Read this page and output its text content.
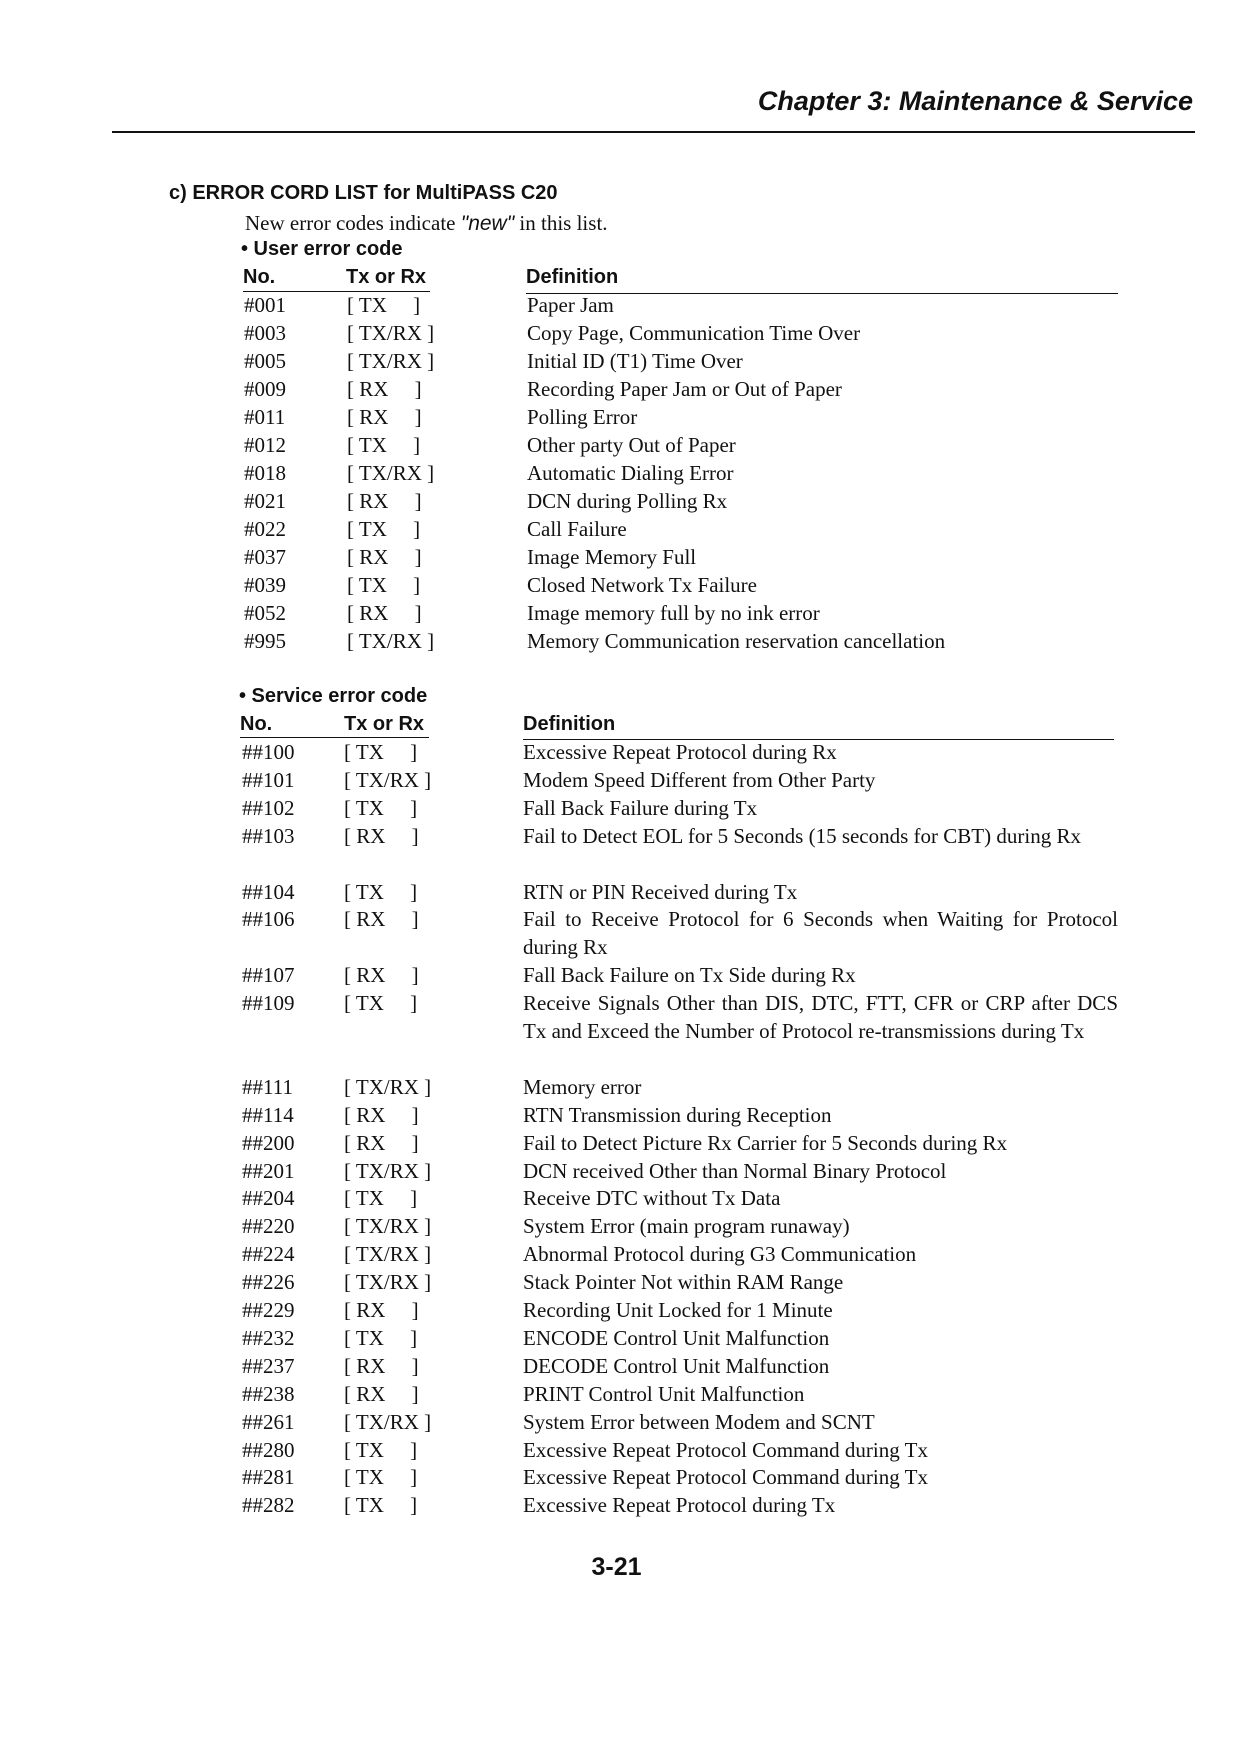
Chapter 3: Maintenance & Service
c) ERROR CORD LIST for MultiPASS C20
New error codes indicate "new" in this list.
• User error code
No.	Tx or Rx	Definition
#001	[ TX     ]	Paper Jam
#003	[ TX/RX ]	Copy Page, Communication Time Over
#005	[ TX/RX ]	Initial ID (T1) Time Over
#009	[ RX     ]	Recording Paper Jam or Out of Paper
#011	[ RX     ]	Polling Error
#012	[ TX     ]	Other party Out of Paper
#018	[ TX/RX ]	Automatic Dialing Error
#021	[ RX     ]	DCN during Polling Rx
#022	[ TX     ]	Call Failure
#037	[ RX     ]	Image Memory Full
#039	[ TX     ]	Closed Network Tx Failure
#052	[ RX     ]	Image memory full by no ink error
#995	[ TX/RX ]	Memory Communication reservation cancellation
• Service error code
No.	Tx or Rx	Definition
##100 [ TX     ]	Excessive Repeat Protocol during Rx
##101 [ TX/RX ]	Modem Speed Different from Other Party
##102 [ TX     ]	Fall Back Failure during Tx
##103 [ RX     ]	Fail to Detect EOL for 5 Seconds (15 seconds for CBT) during Rx
##104 [ TX     ]	RTN or PIN Received during Tx
##106 [ RX     ]	Fail to Receive Protocol for 6 Seconds when Waiting for Protocol during Rx
##107 [ RX     ]	Fall Back Failure on Tx Side during Rx
##109 [ TX     ]	Receive Signals Other than DIS, DTC, FTT, CFR or CRP after DCS Tx and Exceed the Number of Protocol re-transmissions during Tx
##111 [ TX/RX ]	Memory error
##114 [ RX     ]	RTN Transmission during Reception
##200 [ RX     ]	Fail to Detect Picture Rx Carrier for 5 Seconds during Rx
##201 [ TX/RX ]	DCN received Other than Normal Binary Protocol
##204 [ TX     ]	Receive DTC without Tx Data
##220 [ TX/RX ]	System Error (main program runaway)
##224 [ TX/RX ]	Abnormal Protocol during G3 Communication
##226 [ TX/RX ]	Stack Pointer Not within RAM Range
##229 [ RX     ]	Recording Unit Locked for 1 Minute
##232 [ TX     ]	ENCODE Control Unit Malfunction
##237 [ RX     ]	DECODE Control Unit Malfunction
##238 [ RX     ]	PRINT Control Unit Malfunction
##261 [ TX/RX ]	System Error between Modem and SCNT
##280 [ TX     ]	Excessive Repeat Protocol Command during Tx
##281 [ TX     ]	Excessive Repeat Protocol Command during Tx
##282 [ TX     ]	Excessive Repeat Protocol during Tx
3-21
